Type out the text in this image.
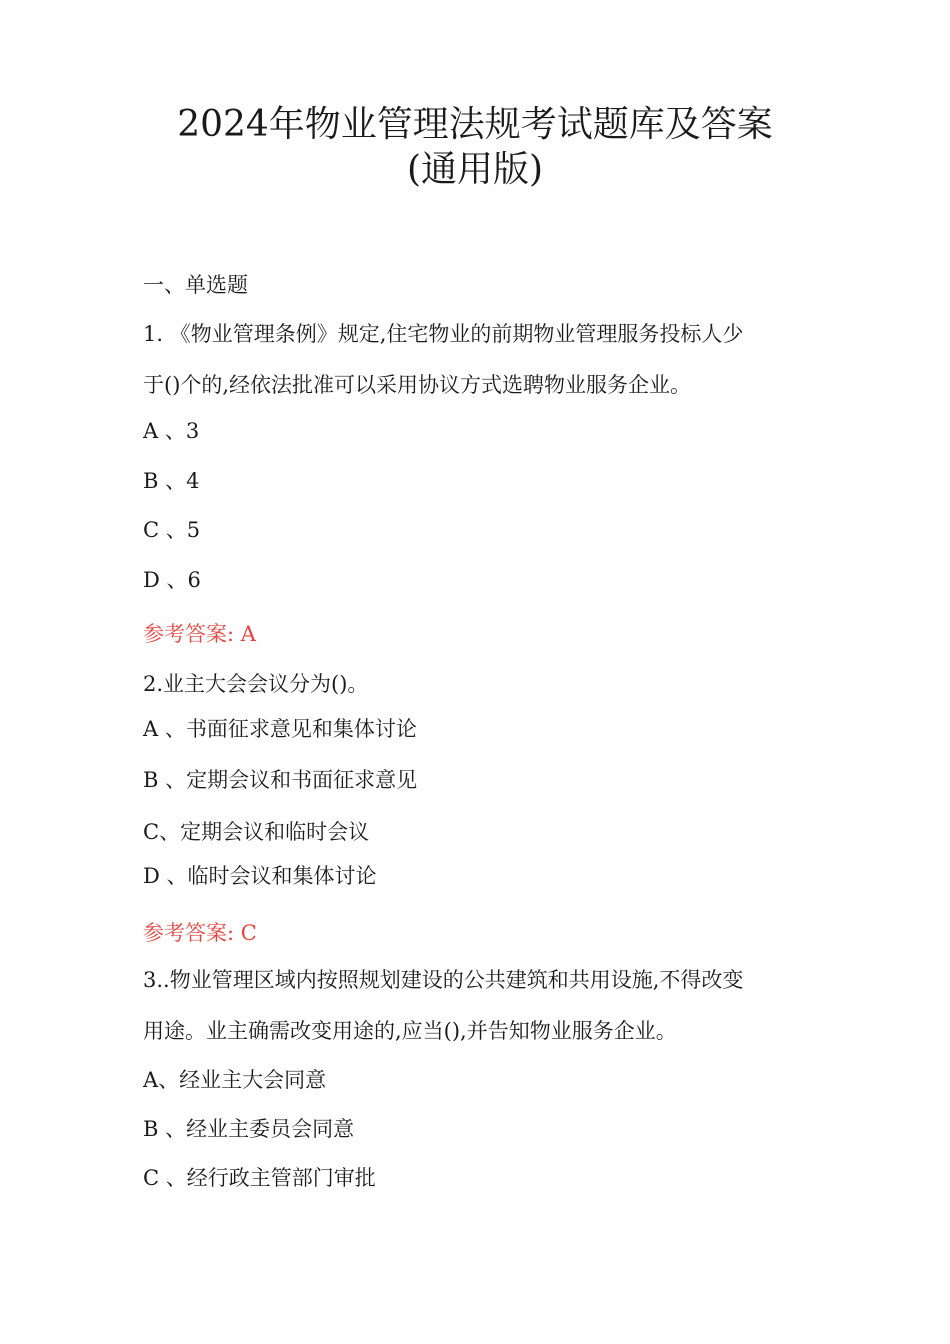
2024年物业管理法规考试题库及答案
(通用版)
一、单选题
1. 《物业管理条例》规定,住宅物业的前期物业管理服务投标人少
于()个的,经依法批准可以采用协议方式选聘物业服务企业。
A 、3
B 、4
C 、5
D 、6
参考答案: A
2.业主大会会议分为()。
A 、书面征求意见和集体讨论
B 、定期会议和书面征求意见
C、定期会议和临时会议
D 、临时会议和集体讨论
参考答案: C
3..物业管理区域内按照规划建设的公共建筑和共用设施,不得改变
用途。业主确需改变用途的,应当(),并告知物业服务企业。
A、经业主大会同意
B 、经业主委员会同意
C 、经行政主管部门审批
